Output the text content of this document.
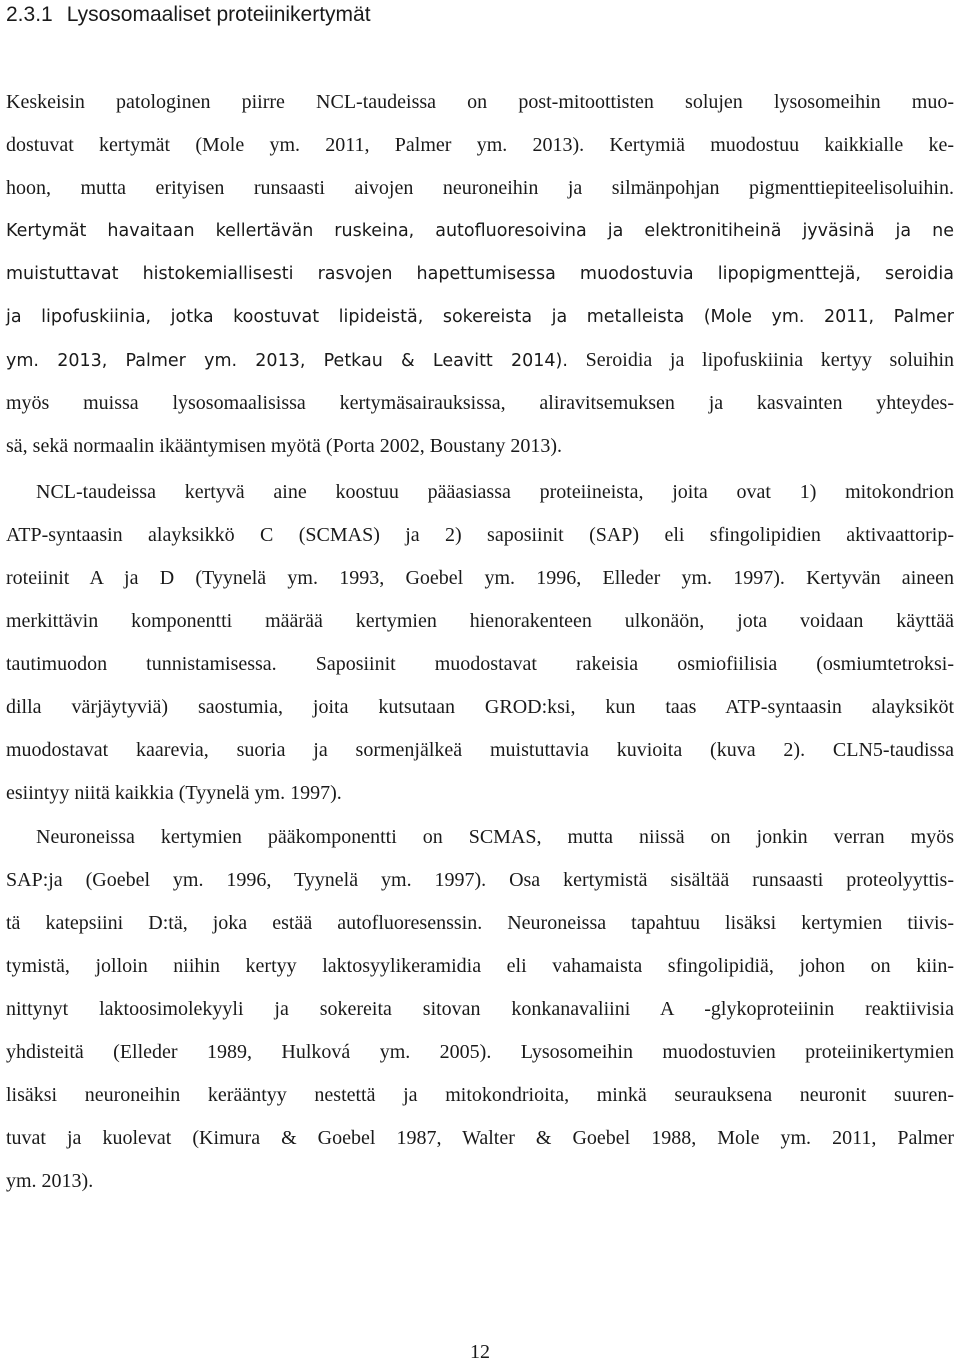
2.3.1 Lysosomaaliset proteiinikertymät
Keskeisin patologinen piirre NCL-taudeissa on post-mitoottisten solujen lysosomeihin muo-
dostuvat kertymät (Mole ym. 2011, Palmer ym. 2013). Kertymiä muodostuu kaikkialle ke-
hoon, mutta erityisen runsaasti aivojen neuroneihin ja silmänpohjan pigmenttiepiteelisoluihin.
Kertymät havaitaan kellertävän ruskeina, autofluoresoivina ja elektronitiheinä jyväsinä ja ne
muistuttavat histokemiallisesti rasvojen hapettumisessa muodostuvia lipopigmenttejä, seroidia
ja lipofuskiinia, jotka koostuvat lipideistä, sokereista ja metalleista (Mole ym. 2011, Palmer
ym. 2013, Palmer ym. 2013, Petkau & Leavitt 2014). Seroidia ja lipofuskiinia kertyy soluihin
myös muissa lysosomaalisissa kertymäsairauksissa, aliravitsemuksen ja kasvainten yhteydes-
sä, sekä normaalin ikääntymisen myötä (Porta 2002, Boustany 2013).
NCL-taudeissa kertyvä aine koostuu pääasiassa proteiineista, joita ovat 1) mitokondrion
ATP-syntaasin alayksikkö C (SCMAS) ja 2) saposiinit (SAP) eli sfingolipidien aktivaattorip-
roteiinit A ja D (Tyynelä ym. 1993, Goebel ym. 1996, Elleder ym. 1997). Kertyvän aineen
merkittävin komponentti määrää kertymien hienorakenteen ulkonäön, jota voidaan käyttää
tautimuodon tunnistamisessa. Saposiinit muodostavat rakeisia osmiofiilisia (osmiumtetroksi-
dilla värjäytyviä) saostumia, joita kutsutaan GROD:ksi, kun taas ATP-syntaasin alayksiköt
muodostavat kaarevia, suoria ja sormenjälkeä muistuttavia kuvioita (kuva 2). CLN5-taudissa
esiintyy niitä kaikkia (Tyynelä ym. 1997).
Neuroneissa kertymien pääkomponentti on SCMAS, mutta niissä on jonkin verran myös
SAP:ja (Goebel ym. 1996, Tyynelä ym. 1997). Osa kertymistä sisältää runsaasti proteolyyttis-
tä katepsiini D:tä, joka estää autofluoresenssin. Neuroneissa tapahtuu lisäksi kertymien tiivis-
tymistä, jolloin niihin kertyy laktosyylikeramidia eli vahamaista sfingolipidiä, johon on kiin-
nittynyt laktoosimolekyyli ja sokereita sitovan konkanavaliini A -glykoproteiinin reaktiivisia
yhdisteitä (Elleder 1989, Hulková ym. 2005). Lysosomeihin muodostuvien proteiinikertymien
lisäksi neuroneihin kerääntyy nestettä ja mitokondrioita, minkä seurauksena neuronit suuren-
tuvat ja kuolevat (Kimura & Goebel 1987, Walter & Goebel 1988, Mole ym. 2011, Palmer
ym. 2013).
12
